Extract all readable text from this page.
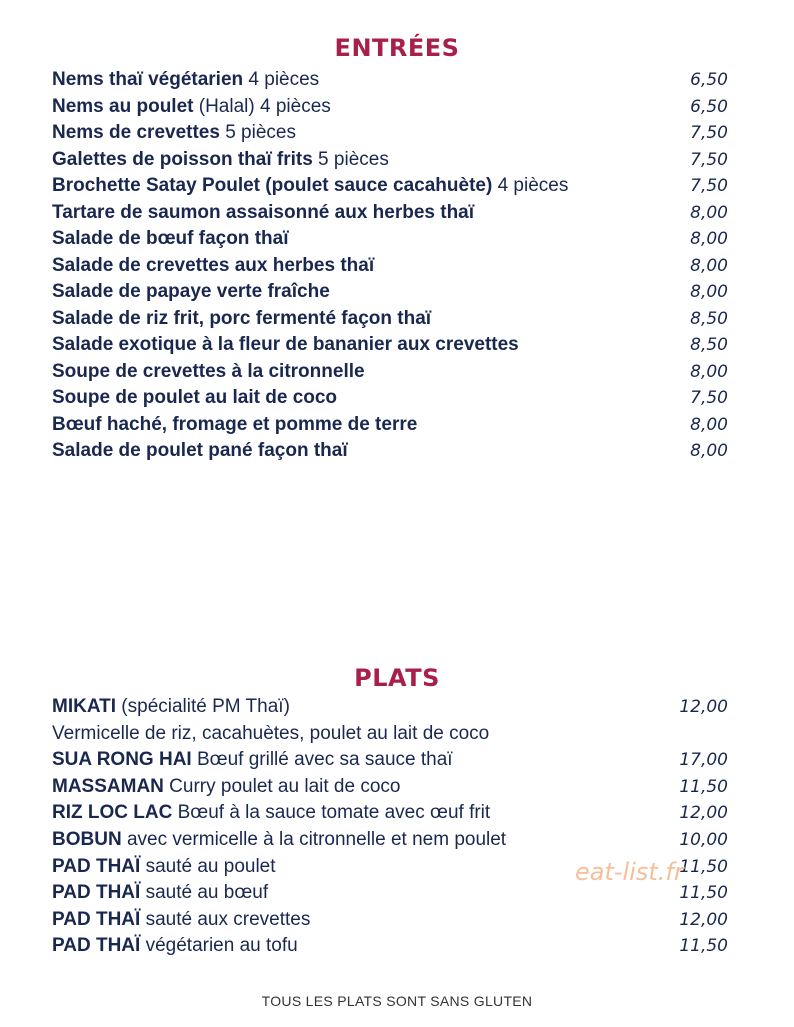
ENTRÉES
Nems thaï végétarien 4 pièces	6,50
Nems au poulet (Halal) 4 pièces	6,50
Nems de crevettes 5 pièces	7,50
Galettes de poisson thaï frits 5 pièces	7,50
Brochette Satay Poulet (poulet sauce cacahuète) 4 pièces	7,50
Tartare de saumon assaisonné aux herbes thaï	8,00
Salade de bœuf façon thaï	8,00
Salade de crevettes aux herbes thaï	8,00
Salade de papaye verte fraîche	8,00
Salade de riz frit, porc fermenté façon thaï	8,50
Salade exotique à la fleur de bananier aux crevettes	8,50
Soupe de crevettes à la citronnelle	8,00
Soupe de poulet au lait de coco	7,50
Bœuf haché, fromage et pomme de terre	8,00
Salade de poulet pané façon thaï	8,00
PLATS
MIKATI (spécialité PM Thaï)	12,00
Vermicelle de riz, cacahuètes, poulet au lait de coco
SUA RONG HAI Bœuf grillé avec sa sauce thaï	17,00
MASSAMAN Curry poulet au lait de coco	11,50
RIZ LOC LAC Bœuf à la sauce tomate avec œuf frit	12,00
BOBUN avec vermicelle à la citronnelle et nem poulet	10,00
PAD THAÏ sauté au poulet	11,50
PAD THAÏ sauté au bœuf	11,50
PAD THAÏ sauté aux crevettes	12,00
PAD THAÏ végétarien au tofu	11,50
eat-list.fr
TOUS LES PLATS SONT SANS GLUTEN
